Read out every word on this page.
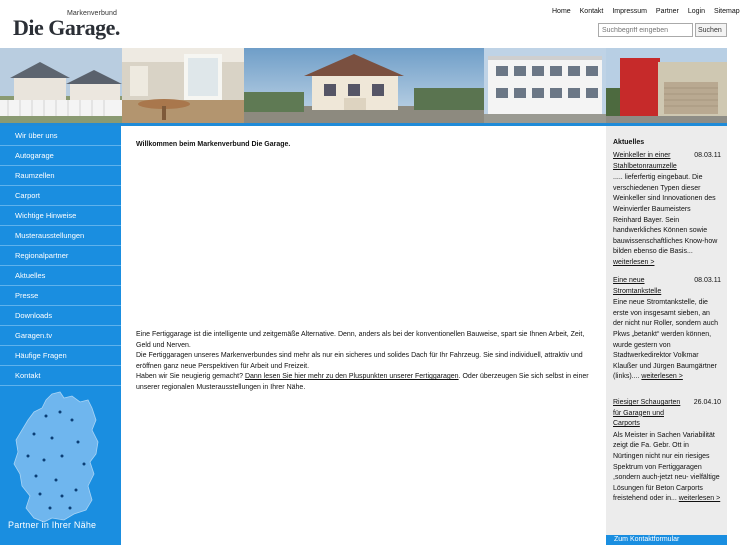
Markenverbund
Die Garage.
Home Kontakt Impressum Partner Login Sitemap
Suchbegriff eingeben
Suchen
Wir über uns
Autogarage
Raumzellen
Carport
Wichtige Hinweise
Musterausstellungen
Regionalpartner
Aktuelles
Presse
Downloads
Garagen.tv
Häufige Fragen
Kontakt
Partner in Ihrer Nähe
Willkommen beim Markenverbund Die Garage.
Eine Fertiggarage ist die intelligente und zeitgemäße Alternative. Denn, anders als bei der konventionellen Bauweise, spart sie Ihnen Arbeit, Zeit, Geld und Nerven.
Die Fertiggaragen unseres Markenverbundes sind mehr als nur ein sicheres und solides Dach für Ihr Fahrzeug. Sie sind individuell, attraktiv und eröffnen ganz neue Perspektiven für Arbeit und Freizeit.
Haben wir Sie neugierig gemacht? Dann lesen Sie hier mehr zu den Pluspunkten unserer Fertiggaragen. Oder überzeugen Sie sich selbst in einer unserer regionalen Musterausstellungen in Ihrer Nähe.
Aktuelles
Weinkeller in einer Stahlbetonraumzelle
08.03.11
..... lieferfertig eingebaut. Die verschiedenen Typen dieser Weinkeller sind Innovationen des Weinviertler Baumeisters Reinhard Bayer. Sein handwerkliches Können sowie bauwissenschaftliches Know-how bilden ebenso die Basis... weiterlesen >
Eine neue Stromtankstelle
08.03.11
Eine neue Stromtankstelle, die erste von insgesamt sieben, an der nicht nur Roller, sondern auch Pkws „betankt“ werden können, wurde gestern von Stadtwerkedirektor Volkmar Klaußer und Jürgen Baumgärtner (links).... weiterlesen >
Riesiger Schaugarten für Garagen und Carports
26.04.10
Als Meister in Sachen Variabilität zeigt die Fa. Gebr. Ott in Nürtingen nicht nur ein riesiges Spektrum von Fertiggaragen ,sondern auch-jetzt neu- vielfältige Lösungen für Beton Carports freistehend oder in... weiterlesen >
Zum Kontaktformular
